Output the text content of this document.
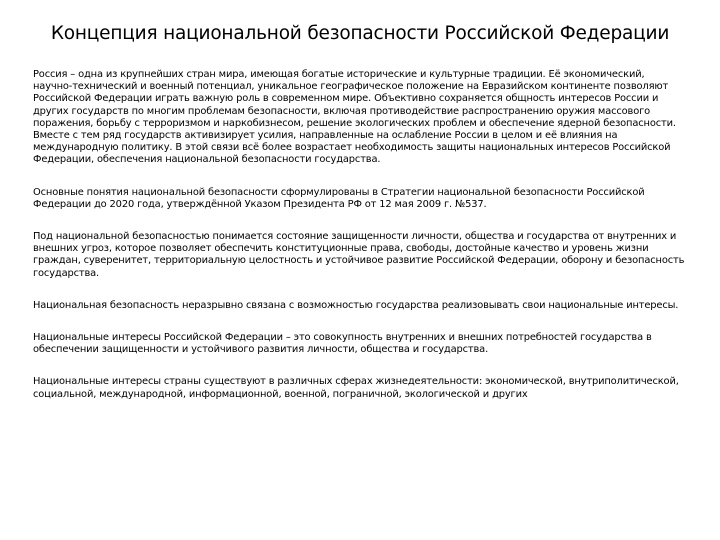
Концепция национальной безопасности Российской Федерации

Россия – одна из крупнейших стран мира, имеющая богатые исторические и культурные традиции. Её экономический, научно-технический и военный потенциал, уникальное географическое положение на Евразийском континенте позволяют Российской Федерации играть важную роль в современном мире. Объективно сохраняется общность интересов России и других государств по многим проблемам безопасности, включая противодействие распространению оружия массового поражения, борьбу с терроризмом и наркобизнесом, решение экологических проблем и обеспечение ядерной безопасности. Вместе с тем ряд государств активизирует усилия, направленные на ослабление России в целом и её влияния на международную политику. В этой связи всё более возрастает необходимость защиты национальных интересов Российской Федерации, обеспечения национальной безопасности государства.

Основные понятия национальной безопасности сформулированы в Стратегии национальной безопасности Российской Федерации до 2020 года, утверждённой Указом Президента РФ от 12 мая 2009 г. №537.

Под национальной безопасностью понимается состояние защищенности личности, общества и государства от внутренних и внешних угроз, которое позволяет обеспечить конституционные права, свободы, достойные качество и уровень жизни граждан, суверенитет, территориальную целостность и устойчивое развитие Российской Федерации, оборону и безопасность государства.

Национальная безопасность неразрывно связана с возможностью государства реализовывать свои национальные интересы.

Национальные интересы Российской Федерации – это совокупность внутренних и внешних потребностей государства в обеспечении защищенности и устойчивого развития личности, общества и государства.

Национальные интересы страны существуют в различных сферах жизнедеятельности: экономической, внутриполитической, социальной, международной, информационной, военной, пограничной, экологической и других
